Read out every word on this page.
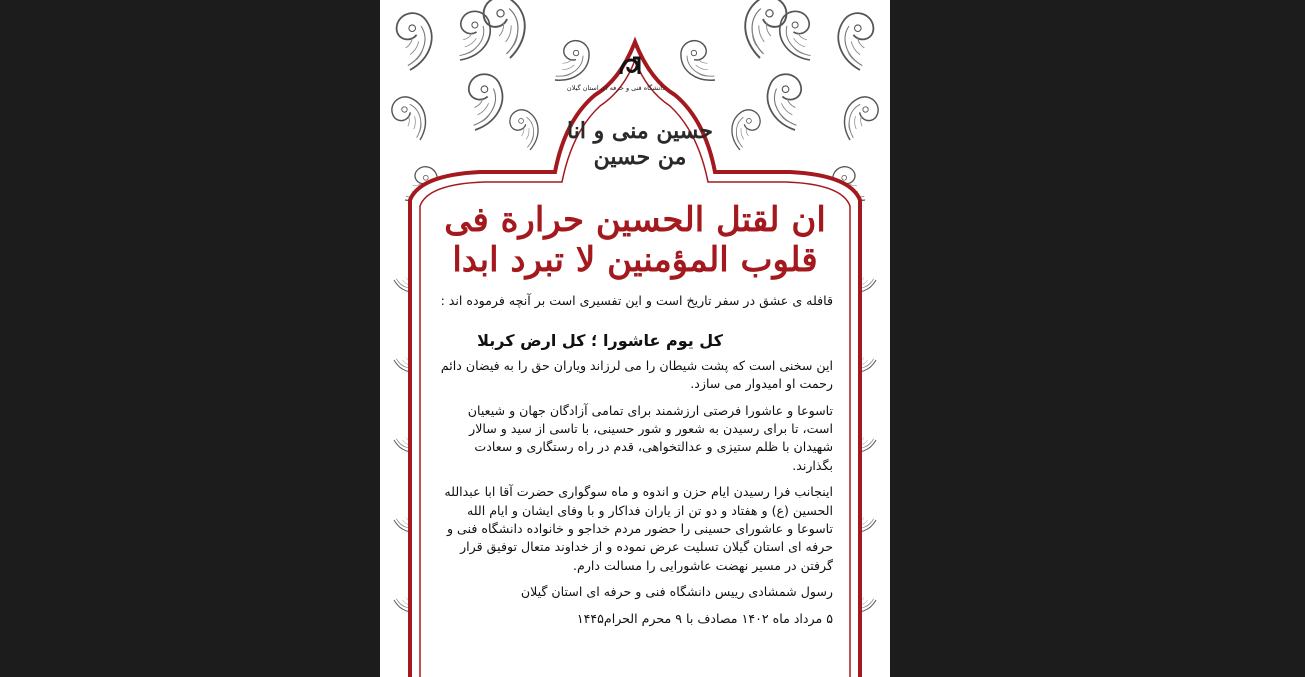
دانشگاه فنی و حرفه ای استان گیلان
حسین منی و انا من حسین
ان لقتل الحسین حرارة فی قلوب المؤمنین لا تبرد ابدا

قافله ی عشق در سفر تاریخ است و این تفسیری است بر آنچه فرموده اند :

کل یوم عاشورا ؛ کل ارض کربلا

این سخنی است که پشت شیطان را می لرزاند ویاران حق را به فیضان دائم رحمت او امیدوار می سازد.

تاسوعا و عاشورا فرصتی ارزشمند برای تمامی آزادگان جهان و شیعیان است، تا برای رسیدن به شعور و شور حسینی، با تاسی از سید و سالار شهیدان با ظلم ستیزی و عدالتخواهی، قدم در راه رستگاری و سعادت بگذارند.

اینجانب فرا رسیدن ایام حزن و اندوه و ماه سوگواری حضرت آقا ابا عبدالله الحسین (ع) و هفتاد و دو تن از یاران فداکار و با وفای ایشان و ایام الله تاسوعا و عاشورای حسینی را حضور مردم خداجو و خانواده دانشگاه فنی و حرفه ای استان گیلان تسلیت عرض نموده و از خداوند متعال توفیق قرار گرفتن در مسیر نهضت عاشورایی را مسالت دارم.

رسول شمشادی رییس دانشگاه فنی و حرفه ای استان گیلان

۵ مرداد ماه ۱۴۰۲ مصادف با ۹ محرم الحرام۱۴۴۵
